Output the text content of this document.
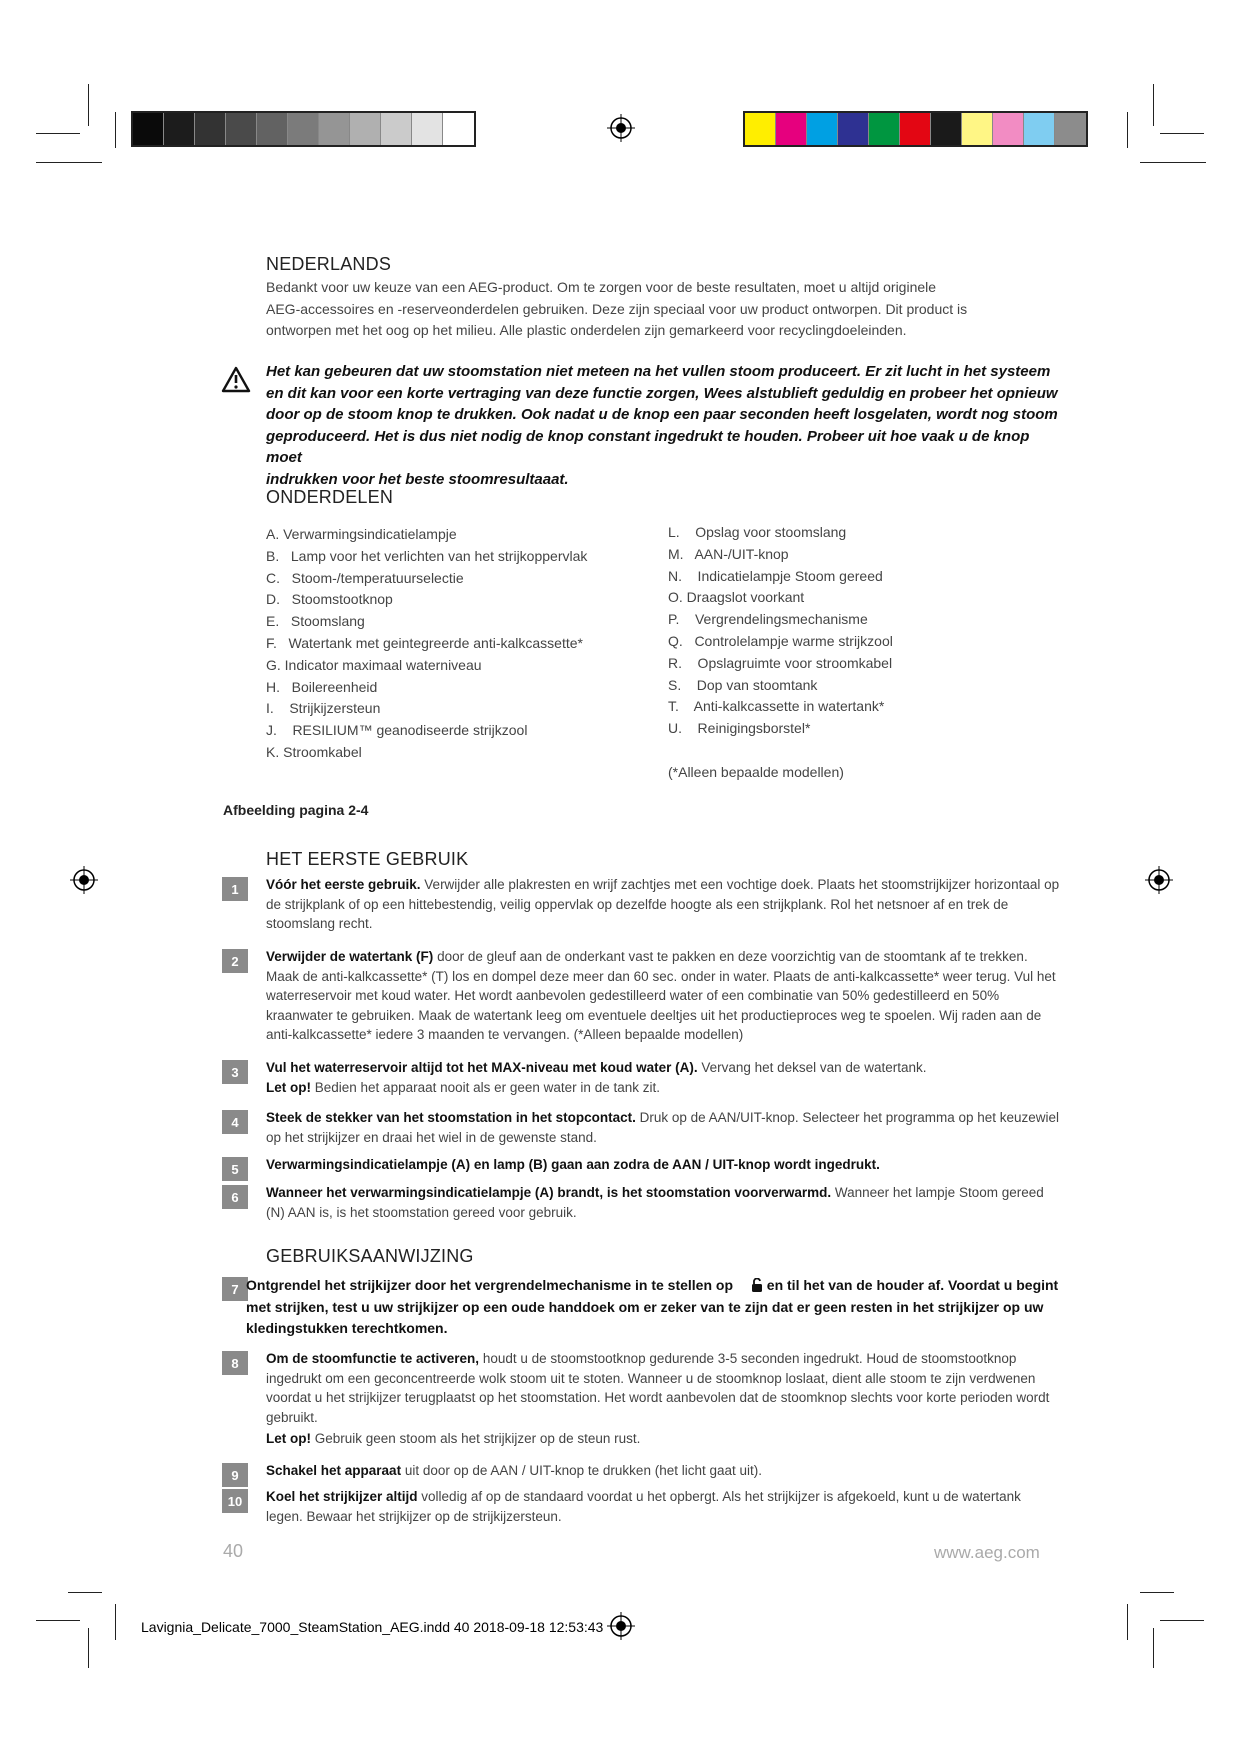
NEDERLANDS
Bedankt voor uw keuze van een AEG-product. Om te zorgen voor de beste resultaten, moet u altijd originele
AEG-accessoires en -reserveonderdelen gebruiken. Deze zijn speciaal voor uw product ontworpen. Dit product is
ontworpen met het oog op het milieu. Alle plastic onderdelen zijn gemarkeerd voor recyclingdoeleinden.
Het kan gebeuren dat uw stoomstation niet meteen na het vullen stoom produceert. Er zit lucht in het systeem
en dit kan voor een korte vertraging van deze functie zorgen, Wees alstublieft geduldig en probeer het opnieuw
door op de stoom knop te drukken. Ook nadat u de knop een paar seconden heeft losgelaten, wordt nog stoom
geproduceerd. Het is dus niet nodig de knop constant ingedrukt te houden. Probeer uit hoe vaak u de knop moet
indrukken voor het beste stoomresultaaat.
ONDERDELEN
A. Verwarmingsindicatielampje
B.   Lamp voor het verlichten van het strijkoppervlak
C.   Stoom-/temperatuurselectie
D.   Stoomstootknop
E.   Stoomslang
F.   Watertank met geintegreerde anti-kalkcassette*
G. Indicator maximaal waterniveau
H.   Boilereenheid
I.    Strijkijzersteun
J.    RESILIUM™ geanodiseerde strijkzool
K. Stroomkabel
L.    Opslag voor stoomslang
M.   AAN-/UIT-knop
N.    Indicatielampje Stoom gereed
O. Draagslot voorkant
P.    Vergrendelingsmechanisme
Q.   Controlelampje warme strijkzool
R.    Opslagruimte voor stroomkabel
S.    Dop van stoomtank
T.    Anti-kalkcassette in watertank*
U.    Reinigingsborstel*
(*Alleen bepaalde modellen)
Afbeelding pagina 2-4
HET EERSTE GEBRUIK
1	Vóór het eerste gebruik. Verwijder alle plakresten en wrijf zachtjes met een vochtige doek. Plaats het stoomstrijkijzer horizontaal op de strijkplank of op een hittebestendig, veilig oppervlak op dezelfde hoogte als een strijkplank. Rol het netsnoer af en trek de stoomslang recht.
2	Verwijder de watertank (F) door de gleuf aan de onderkant vast te pakken en deze voorzichtig van de stoomtank af te trekken. Maak de anti-kalkcassette* (T) los en dompel deze meer dan 60 sec. onder in water. Plaats de anti-kalkcassette* weer terug. Vul het waterreservoir met koud water. Het wordt aanbevolen gedestilleerd water of een combinatie van 50% gedestilleerd en 50% kraanwater te gebruiken. Maak de watertank leeg om eventuele deeltjes uit het productieproces weg te spoelen. Wij raden aan de anti-kalkcassette* iedere 3 maanden te vervangen. (*Alleen bepaalde modellen)
3	Vul het waterreservoir altijd tot het MAX-niveau met koud water (A). Vervang het deksel van de watertank.
Let op! Bedien het apparaat nooit als er geen water in de tank zit.
4	Steek de stekker van het stoomstation in het stopcontact. Druk op de AAN/UIT-knop. Selecteer het programma op het keuzewiel op het strijkijzer en draai het wiel in de gewenste stand.
5	Verwarmingsindicatielampje (A) en lamp (B) gaan aan zodra de AAN / UIT-knop wordt ingedrukt.
6	Wanneer het verwarmingsindicatielampje (A) brandt, is het stoomstation voorverwarmd. Wanneer het lampje Stoom gereed (N) AAN is, is het stoomstation gereed voor gebruik.
GEBRUIKSAANWIJZING
7 Ontgrendel het strijkijzer door het vergrendelmechanisme in te stellen op  en til het van de houder af. Voordat u begint met strijken, test u uw strijkijzer op een oude handdoek om er zeker van te zijn dat er geen resten in het strijkijzer op uw kledingstukken terechtkomen.
8	Om de stoomfunctie te activeren, houdt u de stoomstootknop gedurende 3-5 seconden ingedrukt. Houd de stoomstootknop ingedrukt om een geconcentreerde wolk stoom uit te stoten. Wanneer u de stoomknop loslaat, dient alle stoom te zijn verdwenen voordat u het strijkijzer terugplaatst op het stoomstation. Het wordt aanbevolen dat de stoomknop slechts voor korte perioden wordt gebruikt.
Let op! Gebruik geen stoom als het strijkijzer op de steun rust.
9	Schakel het apparaat uit door op de AAN / UIT-knop te drukken (het licht gaat uit).
10	Koel het strijkijzer altijd volledig af op de standaard voordat u het opbergt. Als het strijkijzer is afgekoeld, kunt u de watertank legen. Bewaar het strijkijzer op de strijkijzersteun.
40	www.aeg.com
Lavignia_Delicate_7000_SteamStation_AEG.indd 40 2018-09-18 12:53:43
